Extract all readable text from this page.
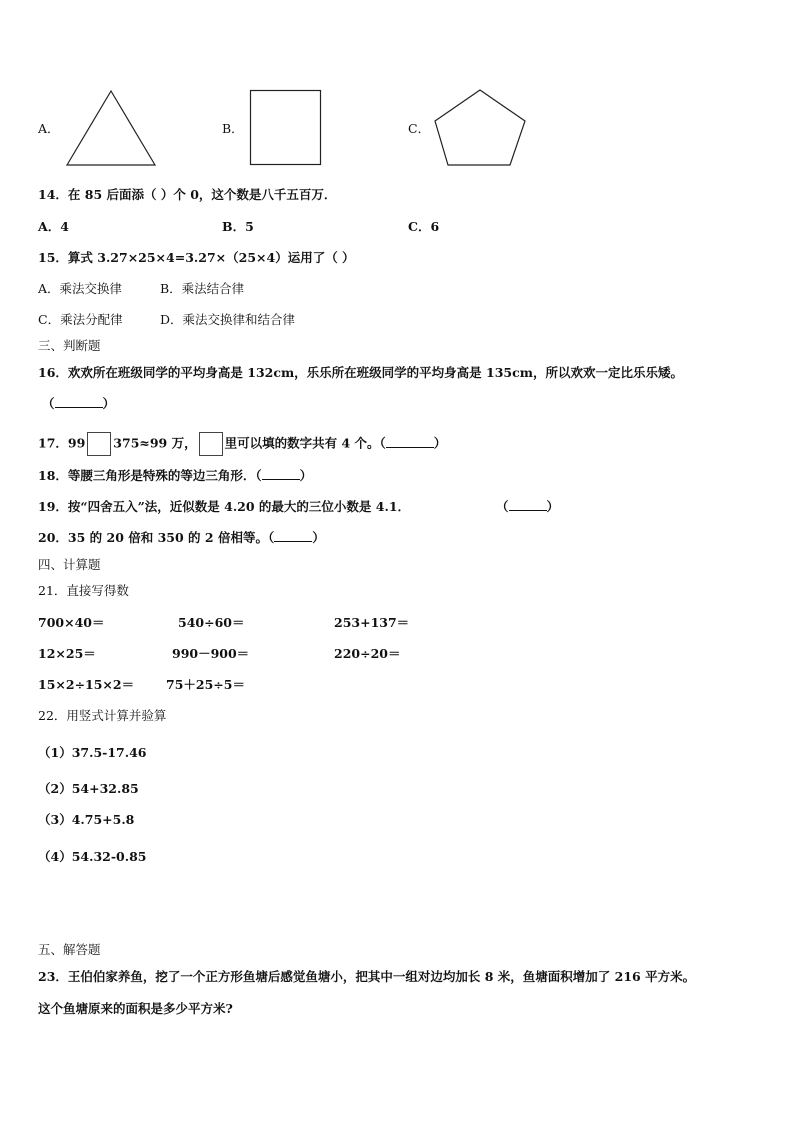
A．	B．	C．
14．在 85 后面添（ ）个 0，这个数是八千五百万．
A．4	B．5	C．6
15．算式 3.27×25×4=3.27×（25×4）运用了（ ）
A．乘法交换律	B．乘法结合律
C．乘法分配律	D．乘法交换律和结合律
三、判断题
16．欢欢所在班级同学的平均身高是 132cm，乐乐所在班级同学的平均身高是 135cm，所以欢欢一定比乐乐矮。
（	）
17．99 375≈99 万， 里可以填的数字共有 4 个。（	）
18．等腰三角形是特殊的等边三角形．（	）
19．按“四舍五入”法，近似数是 4.20 的最大的三位小数是 4.1．	（	）
20．35 的 20 倍和 350 的 2 倍相等。（	）
四、计算题
21．直接写得数
700×40＝	540÷60＝	253+137＝
12×25＝	990－900＝	220÷20＝
15×2÷15×2＝	75＋25÷5＝
22．用竖式计算并验算
（1）37.5-17.46
（2）54+32.85
（3）4.75+5.8
（4）54.32-0.85
五、解答题
23．王伯伯家养鱼，挖了一个正方形鱼塘后感觉鱼塘小，把其中一组对边均加长 8 米，鱼塘面积增加了 216 平方米。
这个鱼塘原来的面积是多少平方米?
